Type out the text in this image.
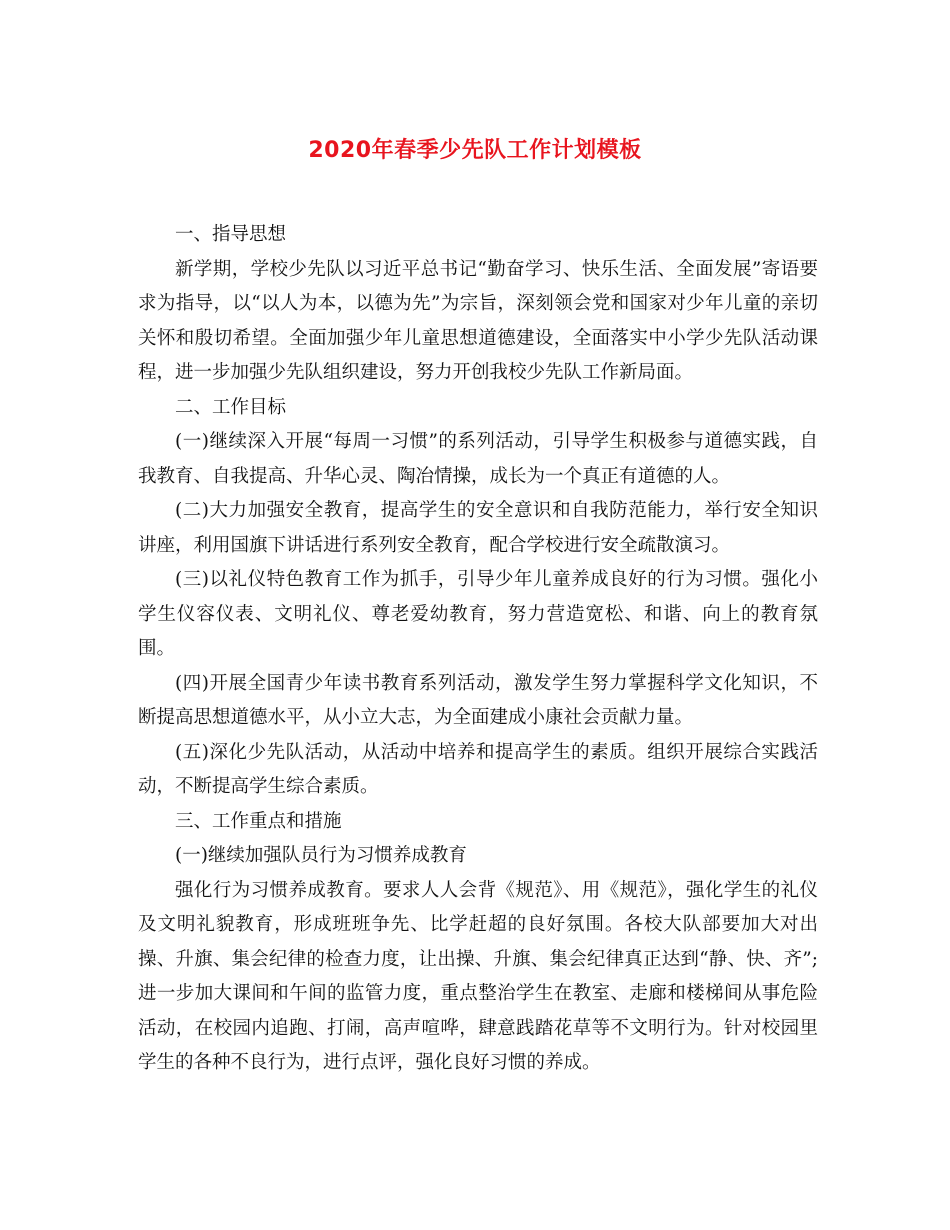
2020年春季少先队工作计划模板

一、指导思想

新学期，学校少先队以习近平总书记“勤奋学习、快乐生活、全面发展”寄语要求为指导，以“以人为本，以德为先”为宗旨，深刻领会党和国家对少年儿童的亲切关怀和殷切希望。全面加强少年儿童思想道德建设，全面落实中小学少先队活动课程，进一步加强少先队组织建设，努力开创我校少先队工作新局面。

二、工作目标

(一)继续深入开展“每周一习惯”的系列活动，引导学生积极参与道德实践，自我教育、自我提高、升华心灵、陶冶情操，成长为一个真正有道德的人。

(二)大力加强安全教育，提高学生的安全意识和自我防范能力，举行安全知识讲座，利用国旗下讲话进行系列安全教育，配合学校进行安全疏散演习。

(三)以礼仪特色教育工作为抓手，引导少年儿童养成良好的行为习惯。强化小学生仪容仪表、文明礼仪、尊老爱幼教育，努力营造宽松、和谐、向上的教育氛围。

(四)开展全国青少年读书教育系列活动，激发学生努力掌握科学文化知识，不断提高思想道德水平，从小立大志，为全面建成小康社会贡献力量。

(五)深化少先队活动，从活动中培养和提高学生的素质。组织开展综合实践活动，不断提高学生综合素质。

三、工作重点和措施

(一)继续加强队员行为习惯养成教育

强化行为习惯养成教育。要求人人会背《规范》、用《规范》，强化学生的礼仪及文明礼貌教育，形成班班争先、比学赶超的良好氛围。各校大队部要加大对出操、升旗、集会纪律的检查力度，让出操、升旗、集会纪律真正达到“静、快、齐”;进一步加大课间和午间的监管力度，重点整治学生在教室、走廊和楼梯间从事危险活动，在校园内追跑、打闹，高声喧哗，肆意践踏花草等不文明行为。针对校园里学生的各种不良行为，进行点评，强化良好习惯的养成。
